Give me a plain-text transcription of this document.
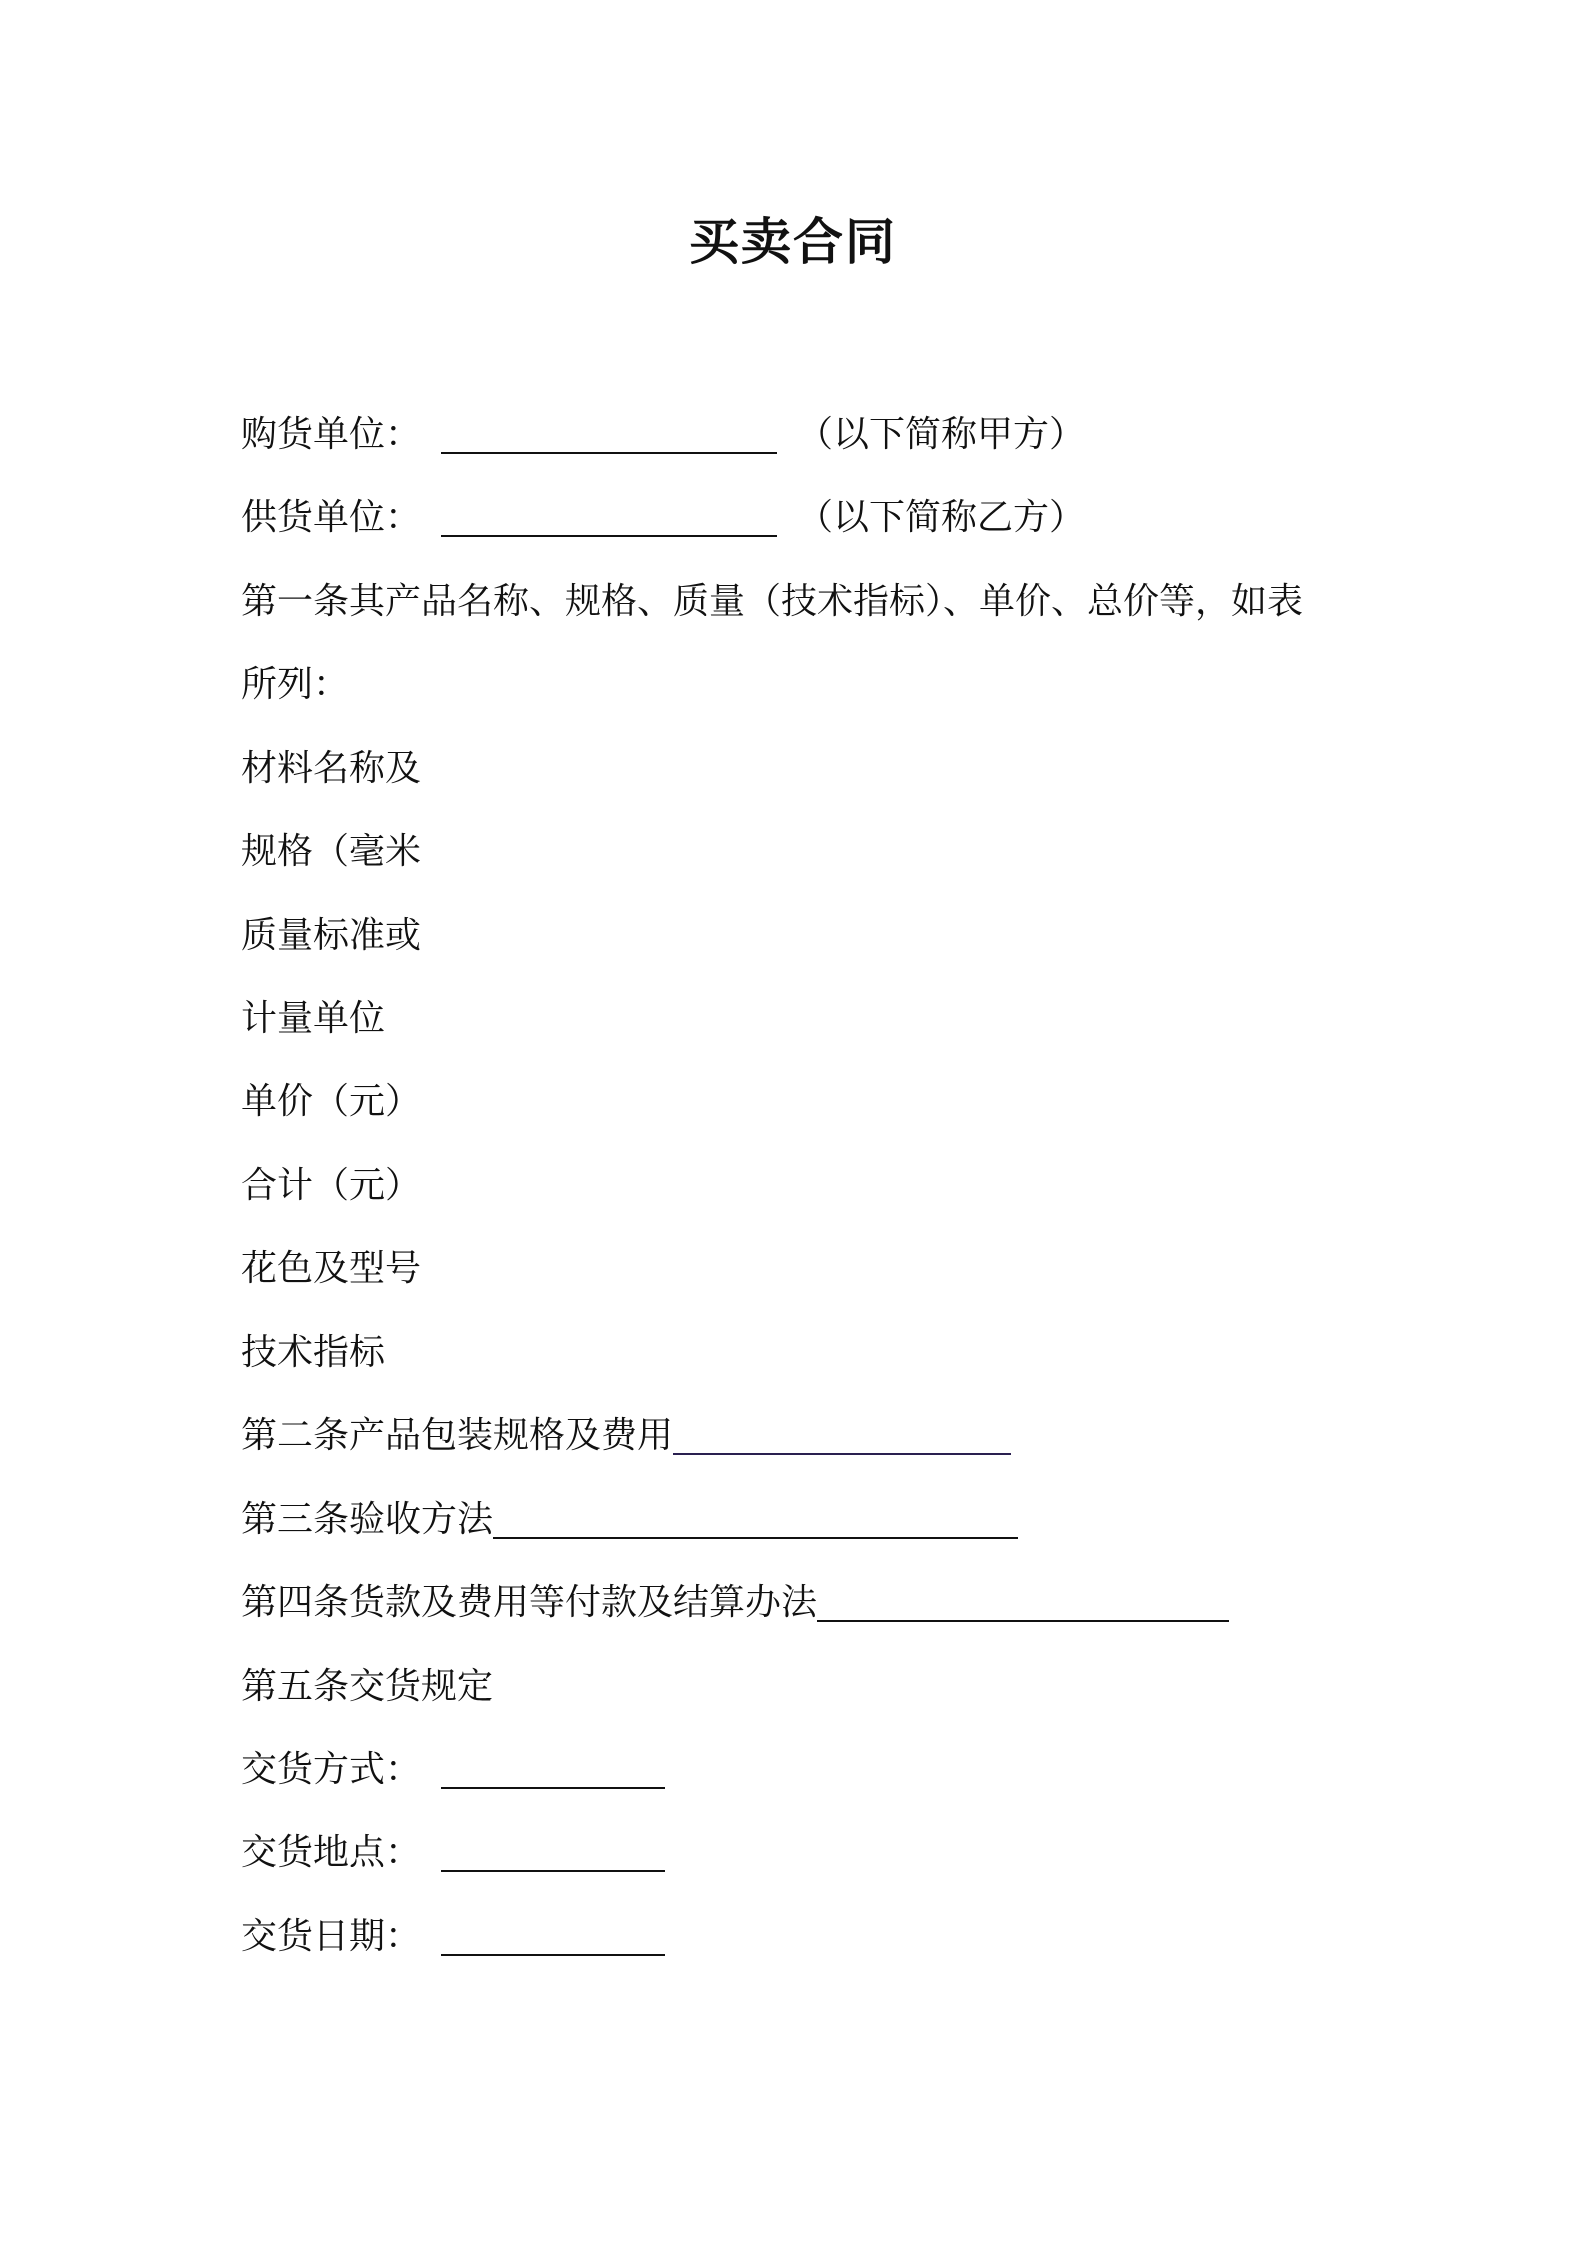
买卖合同
购货单位：	（以下简称甲方）
供货单位：	（以下简称乙方）
第一条其产品名称、规格、质量（技术指标）、单价、总价等，如表
所列：
材料名称及
规格（毫米
质量标准或
计量单位
单价（元）
合计（元）
花色及型号
技术指标
第二条产品包装规格及费用
第三条验收方法
第四条货款及费用等付款及结算办法
第五条交货规定
交货方式：
交货地点：
交货日期：
